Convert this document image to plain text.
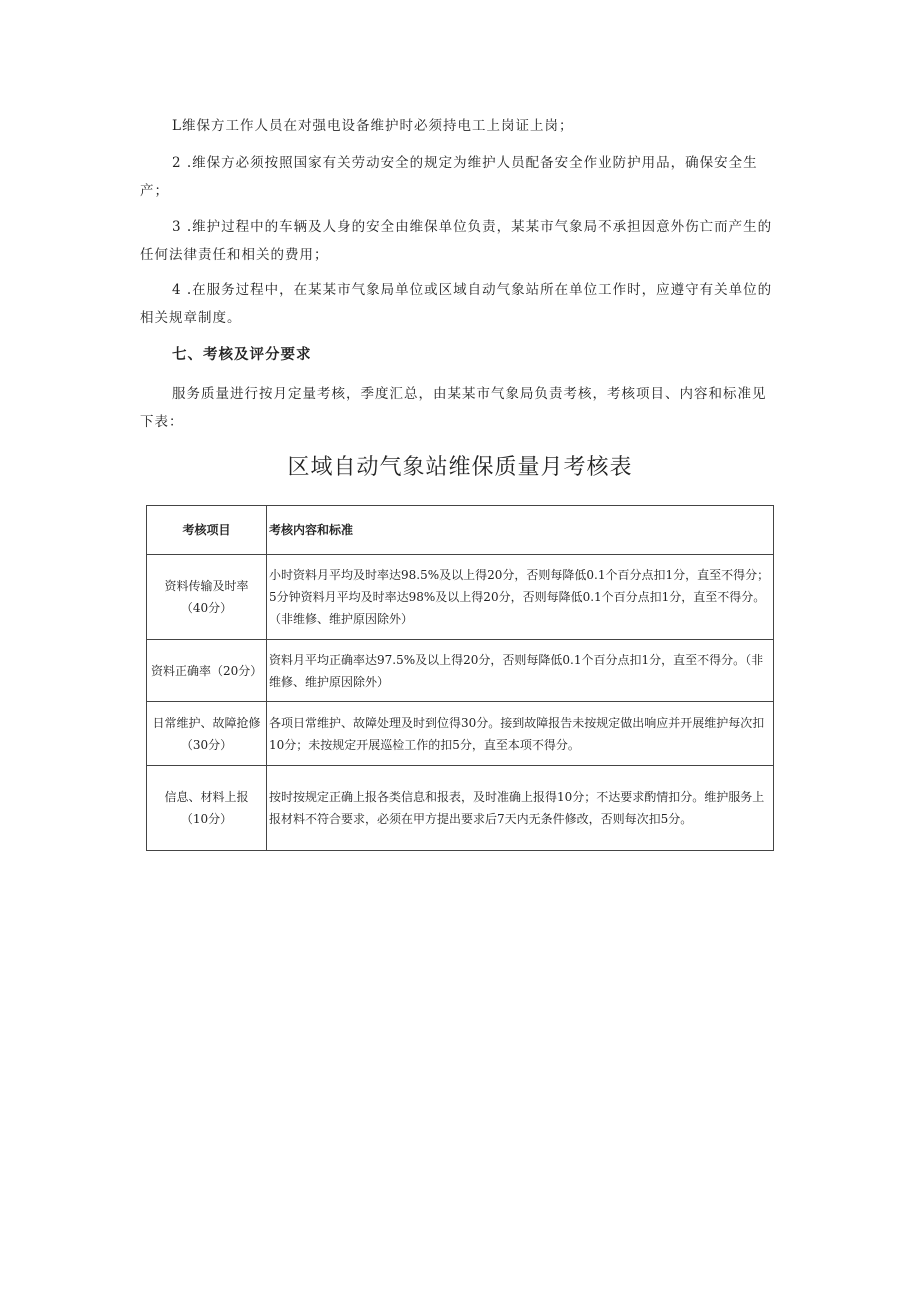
L维保方工作人员在对强电设备维护时必须持电工上岗证上岗；

2 .维保方必须按照国家有关劳动安全的规定为维护人员配备安全作业防护用品，确保安全生产；

3 .维护过程中的车辆及人身的安全由维保单位负责，某某市气象局不承担因意外伤亡而产生的任何法律责任和相关的费用；

4 .在服务过程中，在某某市气象局单位或区域自动气象站所在单位工作时，应遵守有关单位的相关规章制度。

七、考核及评分要求

服务质量进行按月定量考核，季度汇总，由某某市气象局负责考核，考核项目、内容和标准见下表：

区域自动气象站维保质量月考核表

考核项目	考核内容和标准
资料传输及时率（40分）	小时资料月平均及时率达98.5%及以上得20分，否则每降低0.1个百分点扣1分，直至不得分；5分钟资料月平均及时率达98%及以上得20分，否则每降低0.1个百分点扣1分，直至不得分。（非维修、维护原因除外）
资料正确率（20分）	资料月平均正确率达97.5%及以上得20分，否则每降低0.1个百分点扣1分，直至不得分。（非维修、维护原因除外）
日常维护、故障抢修（30分）	各项日常维护、故障处理及时到位得30分。接到故障报告未按规定做出响应并开展维护每次扣10分；未按规定开展巡检工作的扣5分，直至本项不得分。
信息、材料上报（10分）	按时按规定正确上报各类信息和报表，及时准确上报得10分；不达要求酌情扣分。维护服务上报材料不符合要求，必须在甲方提出要求后7天内无条件修改，否则每次扣5分。
